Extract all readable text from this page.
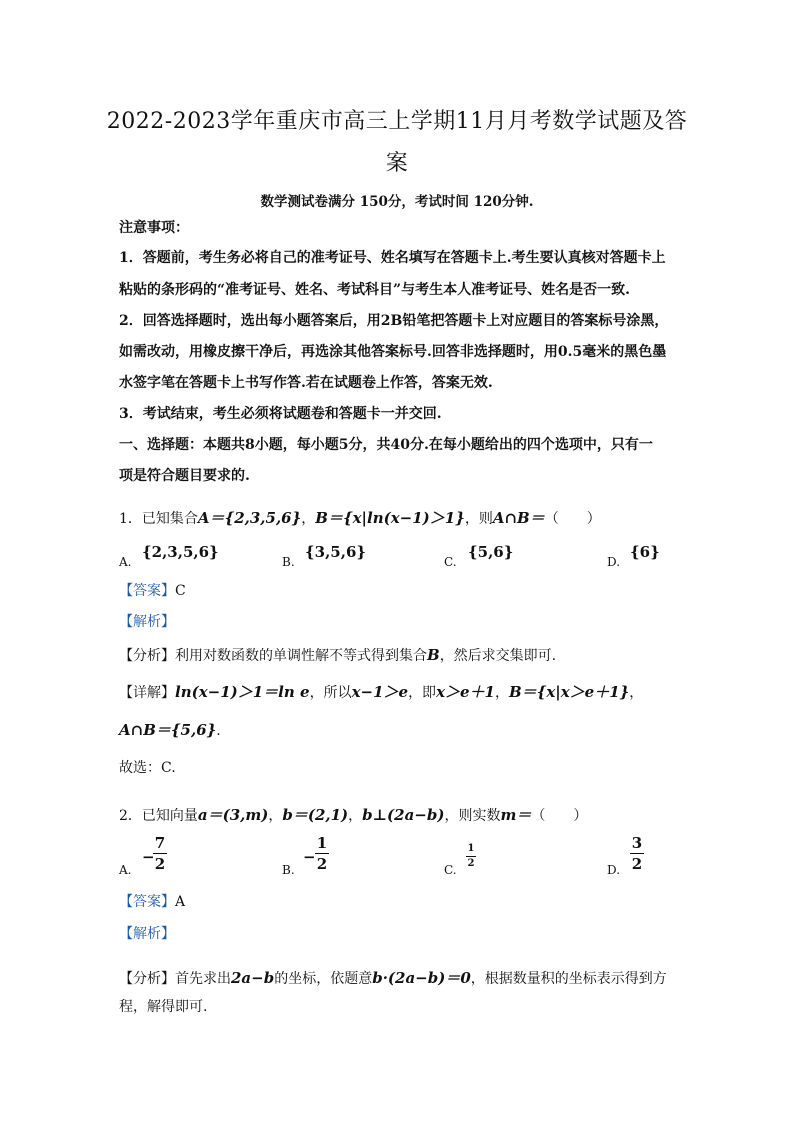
2022-2023学年重庆市高三上学期11月月考数学试题及答
案
数学测试卷满分 150分，考试时间 120分钟.
注意事项：
1．答题前，考生务必将自己的准考证号、姓名填写在答题卡上.考生要认真核对答题卡上
粘贴的条形码的“准考证号、姓名、考试科目”与考生本人准考证号、姓名是否一致.
2．回答选择题时，选出每小题答案后，用2B铅笔把答题卡上对应题目的答案标号涂黑，
如需改动，用橡皮擦干净后，再选涂其他答案标号.回答非选择题时，用0.5毫米的黑色墨
水签字笔在答题卡上书写作答.若在试题卷上作答，答案无效.
3．考试结束，考生必须将试题卷和答题卡一并交回.
一、选择题：本题共8小题，每小题5分，共40分.在每小题给出的四个选项中，只有一
项是符合题目要求的.
1．已知集合A＝{2,3,5,6}，B＝{x|ln(x−1)＞1}，则A∩B＝（　　）
A.
{2,3,5,6}
B.
{3,5,6}
C.
{5,6}
D.
{6}
【答案】C
【解析】
【分析】利用对数函数的单调性解不等式得到集合B，然后求交集即可.
【详解】ln(x−1)＞1＝ln e，所以x−1＞e，即x＞e＋1，B＝{x|x＞e＋1}，
A∩B＝{5,6}.
故选：C.
2．已知向量a＝(3,m)，b＝(2,1)，b⊥(2a−b)，则实数m＝（　　）
A.
−
7
2	B.
−
1
2	C.
1
2	D.
3
2
【答案】A
【解析】
【分析】首先求出2a−b的坐标，依题意b·(2a−b)＝0，根据数量积的坐标表示得到方
程，解得即可.
